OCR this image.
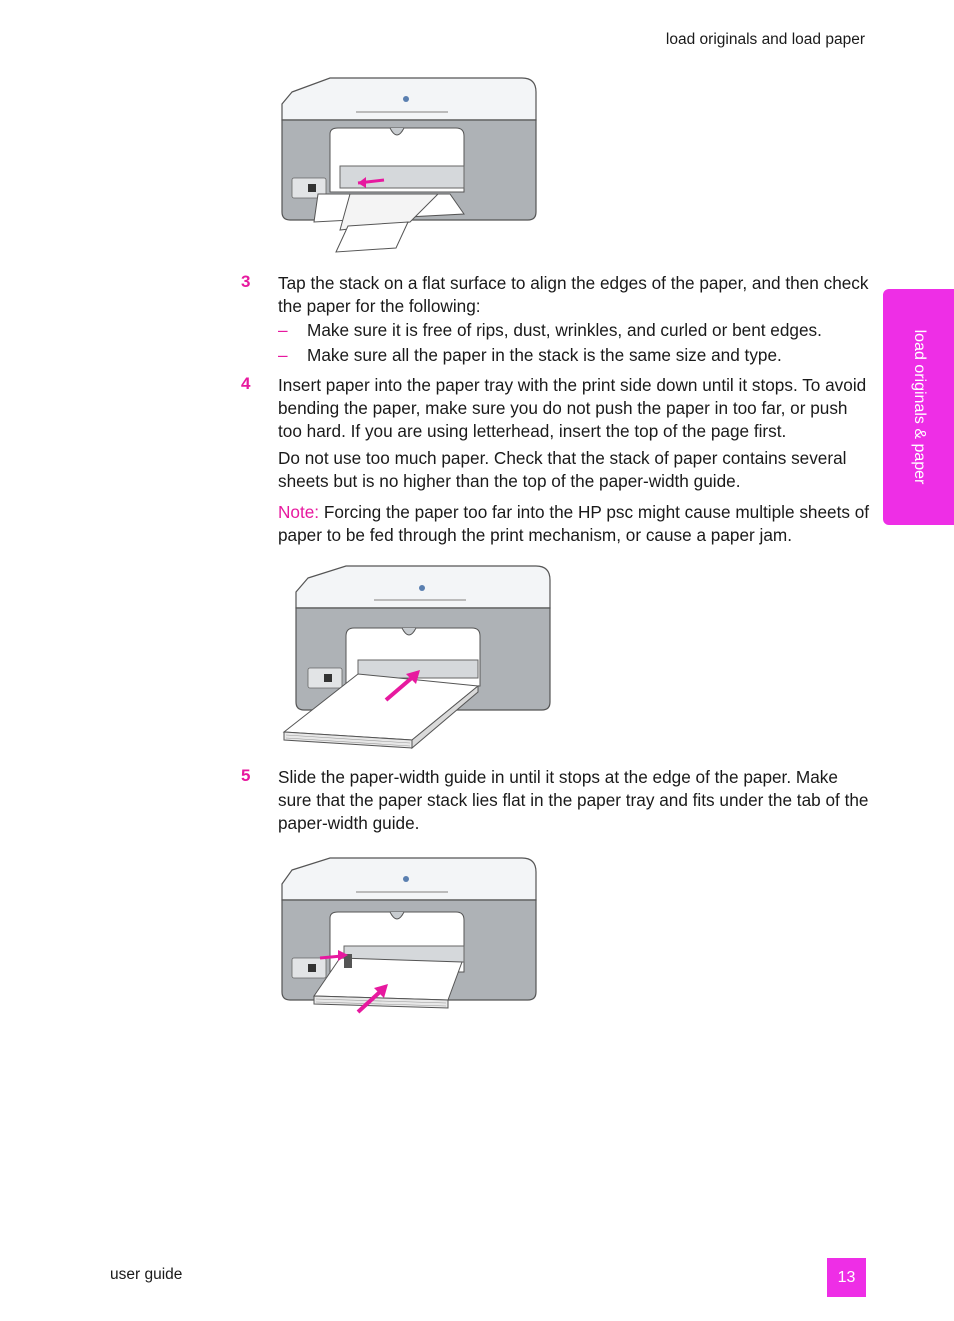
load originals and load paper
load originals & paper
3 Tap the stack on a flat surface to align the edges of the paper, and then check the paper for the following:

– Make sure it is free of rips, dust, wrinkles, and curled or bent edges.
– Make sure all the paper in the stack is the same size and type.
4 Insert paper into the paper tray with the print side down until it stops. To avoid bending the paper, make sure you do not push the paper in too far, or push too hard. If you are using letterhead, insert the top of the page first.

Do not use too much paper. Check that the stack of paper contains several sheets but is no higher than the top of the paper-width guide.

Note: Forcing the paper too far into the HP psc might cause multiple sheets of paper to be fed through the print mechanism, or cause a paper jam.

5 Slide the paper-width guide in until it stops at the edge of the paper. Make sure that the paper stack lies flat in the paper tray and fits under the tab of the paper-width guide.

user guide	13
